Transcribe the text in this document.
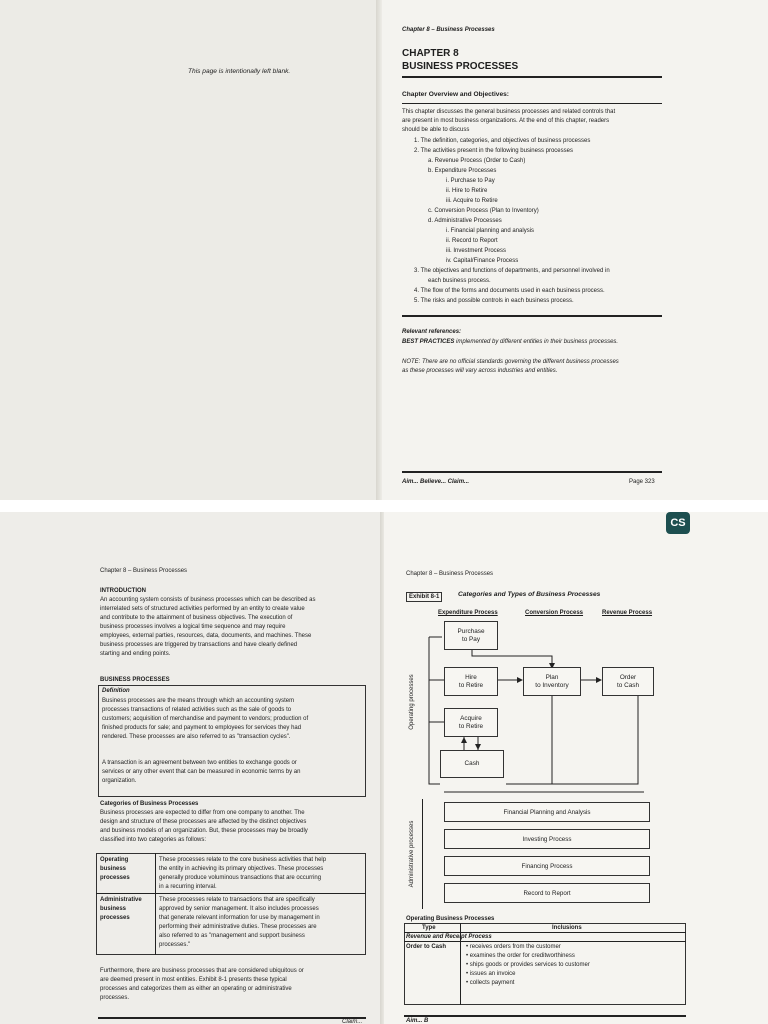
This page is intentionally left blank.
Chapter 8 – Business Processes
CHAPTER 8
BUSINESS PROCESSES
Chapter Overview and Objectives:
This chapter discusses the general business processes and related controls that
are present in most business organizations. At the end of this chapter, readers
should be able to discuss
1. The definition, categories, and objectives of business processes
2. The activities present in the following business processes
a. Revenue Process (Order to Cash)
b. Expenditure Processes
i. Purchase to Pay
ii. Hire to Retire
iii. Acquire to Retire
c. Conversion Process (Plan to Inventory)
d. Administrative Processes
i. Financial planning and analysis
ii. Record to Report
iii. Investment Process
iv. Capital/Finance Process
3. The objectives and functions of departments, and personnel involved in
each business process.
4. The flow of the forms and documents used in each business process.
5. The risks and possible controls in each business process.
Relevant references:
BEST PRACTICES implemented by different entities in their business processes.
NOTE: There are no official standards governing the different business processes
as these processes will vary across industries and entities.
Aim... Believe... Claim...	Page 323
Chapter 8 – Business Processes
INTRODUCTION
An accounting system consists of business processes which can be described as
interrelated sets of structured activities performed by an entity to create value
and contribute to the attainment of business objectives. The execution of
business processes involves a logical time sequence and may require
employees, external parties, resources, data, documents, and machines. These
business processes are triggered by transactions and have clearly defined
starting and ending points.
BUSINESS PROCESSES
Definition
Business processes are the means through which an accounting system
processes transactions of related activities such as the sale of goods to
customers; acquisition of merchandise and payment to vendors; production of
finished products for sale; and payment to employees for services they had
rendered. These processes are also referred to as "transaction cycles".
A transaction is an agreement between two entities to exchange goods or
services or any other event that can be measured in economic terms by an
organization.
Categories of Business Processes
Business processes are expected to differ from one company to another. The
design and structure of these processes are affected by the distinct objectives
and business models of an organization. But, these processes may be broadly
classified into two categories as follows:
Operating
business
processes
These processes relate to the core business activities that help
the entity in achieving its primary objectives. These processes
generally produce voluminous transactions that are occurring
in a recurring interval.
Administrative
business
processes
These processes relate to transactions that are specifically
approved by senior management. It also includes processes
that generate relevant information for use by management in
performing their administrative duties. These processes are
also referred to as "management and support business
processes."
Furthermore, there are business processes that are considered ubiquitous or
are deemed present in most entities. Exhibit 8-1 presents these typical
processes and categorizes them as either an operating or administrative
processes.
Claim...
Chapter 8 – Business Processes
Exhibit 8-1	Categories and Types of Business Processes
Expenditure Process	Conversion Process	Revenue Process
Operating processes
Purchase
to Pay
Hire
to Retire
Acquire
to Retire
Cash
Plan
to Inventory
Order
to Cash
Administrative processes
Financial Planning and Analysis
Investing Process
Financing Process
Record to Report
Operating Business Processes
Type	Inclusions
Revenue and Receipt Process
Order to Cash	• receives orders from the customer
• examines the order for creditworthiness
• ships goods or provides services to customer
• issues an invoice
• collects payment
Aim... B
CS
